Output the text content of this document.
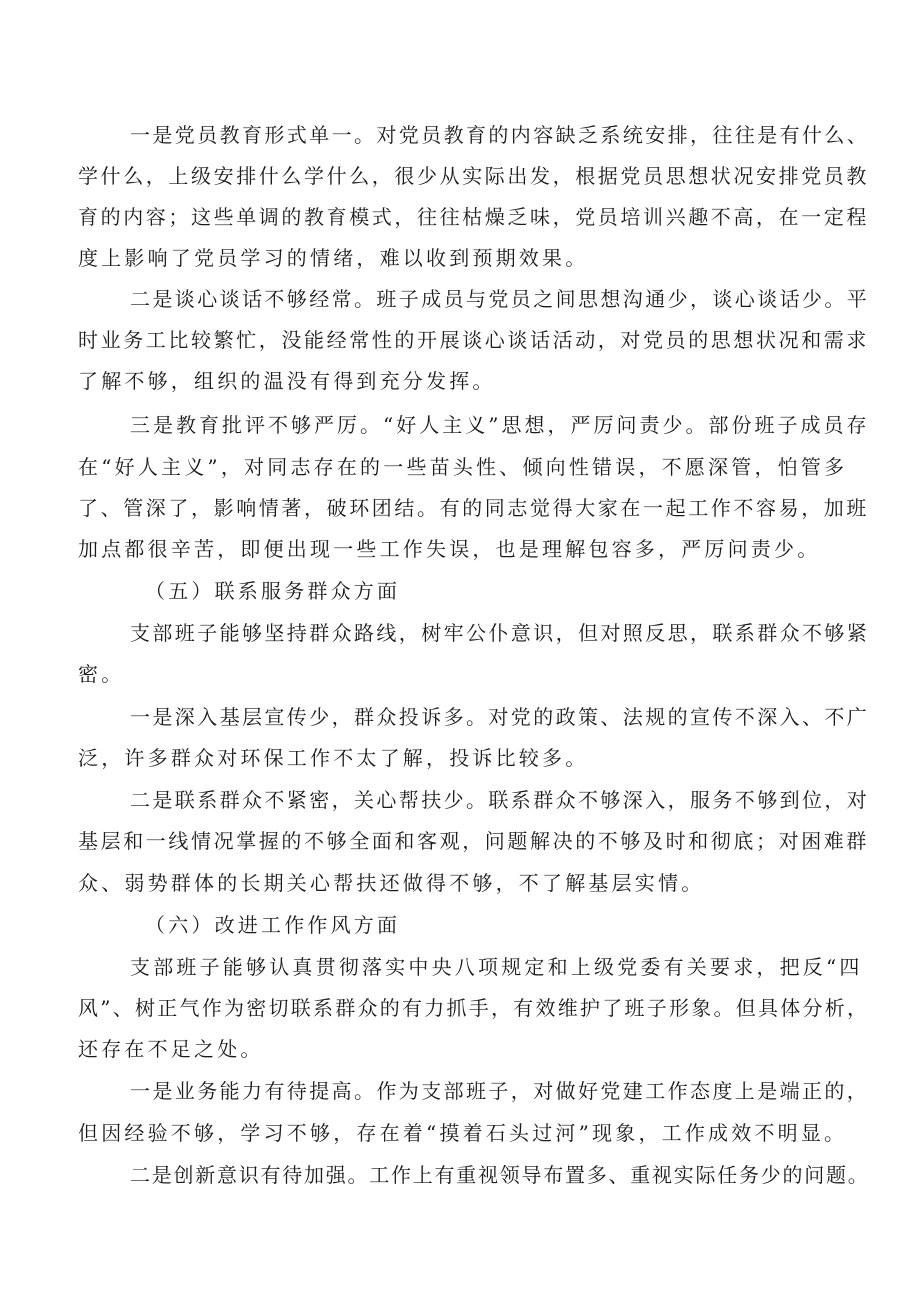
一是党员教育形式单一。对党员教育的内容缺乏系统安排，往往是有什么、
学什么，上级安排什么学什么，很少从实际出发，根据党员思想状况安排党员教
育的内容；这些单调的教育模式，往往枯燥乏味，党员培训兴趣不高，在一定程
度上影响了党员学习的情绪，难以收到预期效果。
二是谈心谈话不够经常。班子成员与党员之间思想沟通少，谈心谈话少。平
时业务工比较繁忙，没能经常性的开展谈心谈话活动，对党员的思想状况和需求
了解不够，组织的温没有得到充分发挥。
三是教育批评不够严厉。“好人主义”思想，严厉问责少。部份班子成员存
在“好人主义”，对同志存在的一些苗头性、倾向性错误，不愿深管，怕管多
了、管深了，影响情著，破环团结。有的同志觉得大家在一起工作不容易，加班
加点都很辛苦，即便出现一些工作失误，也是理解包容多，严厉问责少。
（五）联系服务群众方面
支部班子能够坚持群众路线，树牢公仆意识，但对照反思，联系群众不够紧
密。
一是深入基层宣传少，群众投诉多。对党的政策、法规的宣传不深入、不广
泛，许多群众对环保工作不太了解，投诉比较多。
二是联系群众不紧密，关心帮扶少。联系群众不够深入，服务不够到位，对
基层和一线情况掌握的不够全面和客观，问题解决的不够及时和彻底；对困难群
众、弱势群体的长期关心帮扶还做得不够，不了解基层实情。
（六）改进工作作风方面
支部班子能够认真贯彻落实中央八项规定和上级党委有关要求，把反“四
风”、树正气作为密切联系群众的有力抓手，有效维护了班子形象。但具体分析，
还存在不足之处。
一是业务能力有待提高。作为支部班子，对做好党建工作态度上是端正的，
但因经验不够，学习不够，存在着“摸着石头过河”现象，工作成效不明显。
二是创新意识有待加强。工作上有重视领导布置多、重视实际任务少的问题。
